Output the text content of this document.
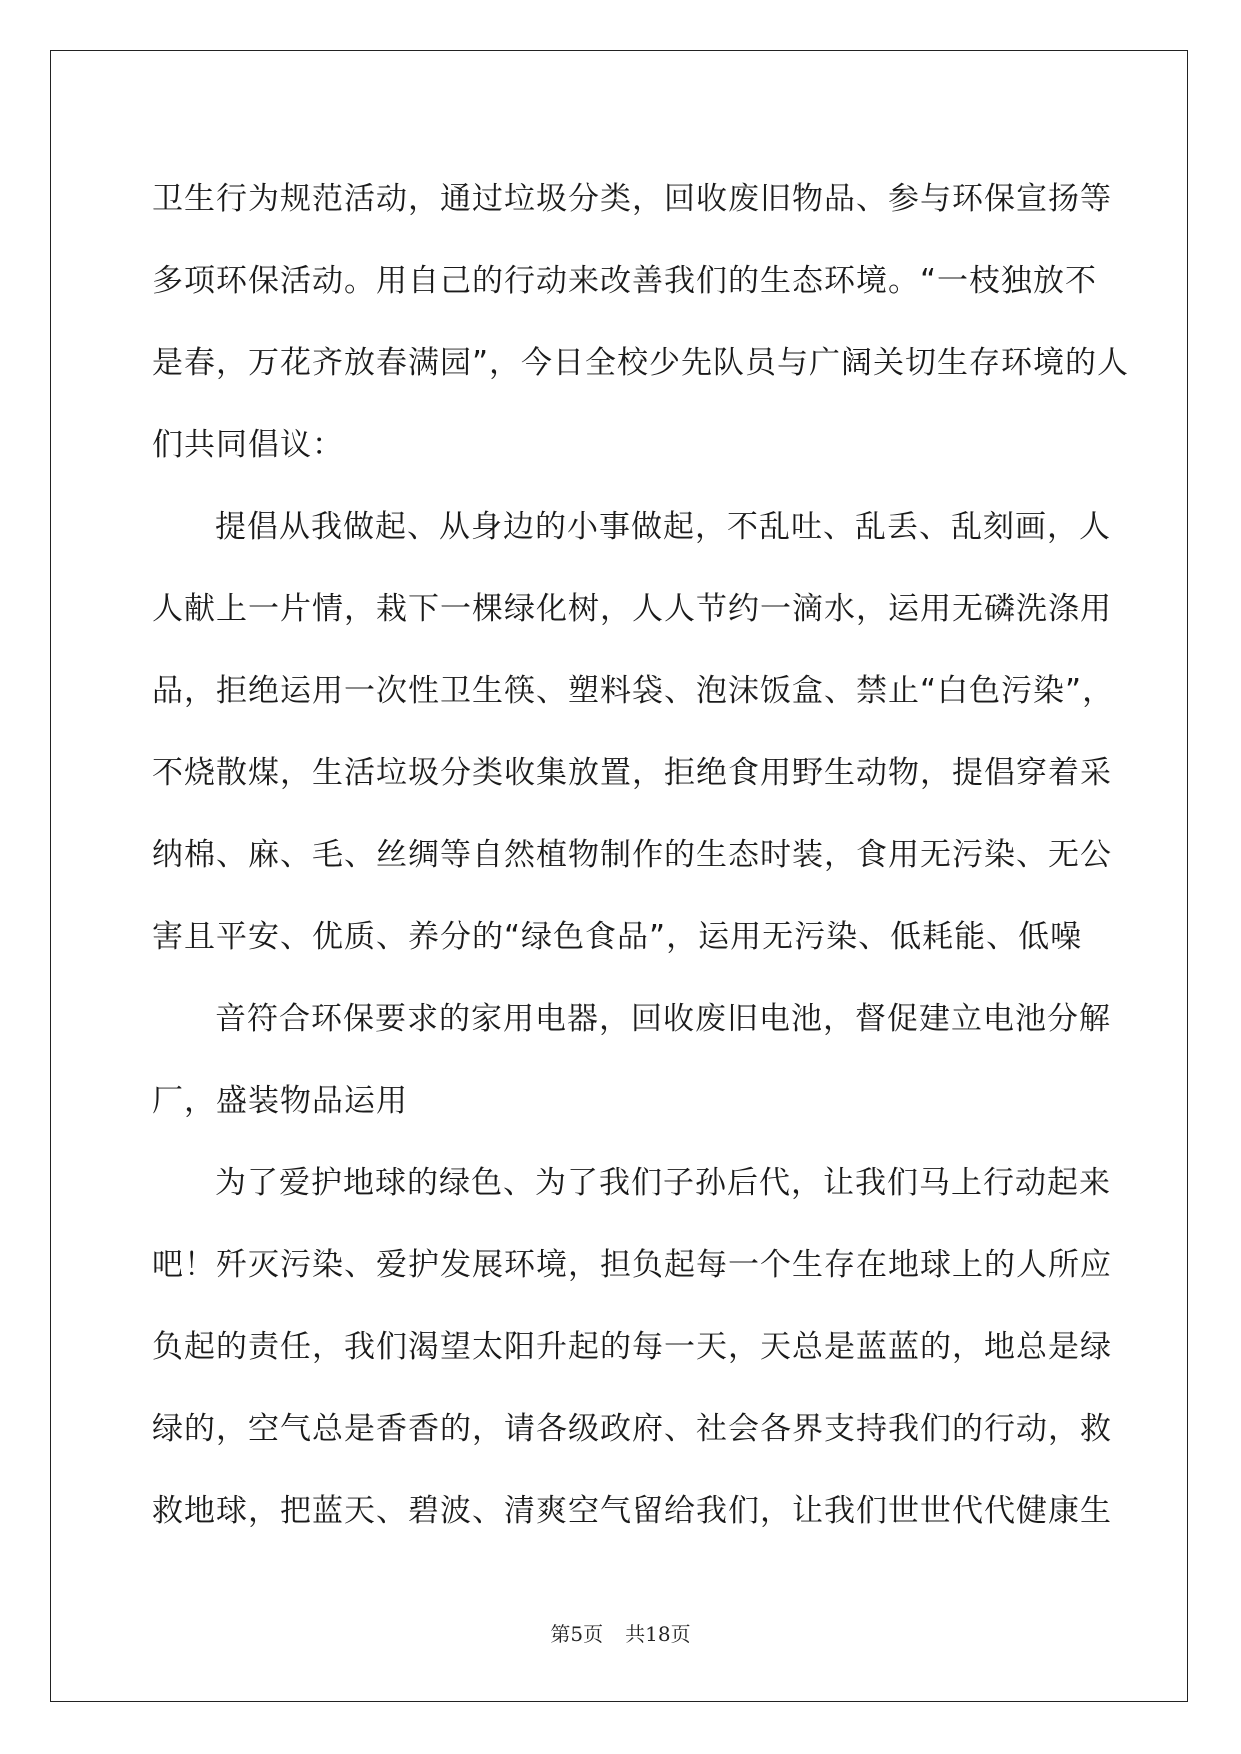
卫生行为规范活动，通过垃圾分类，回收废旧物品、参与环保宣扬等
多项环保活动。用自己的行动来改善我们的生态环境。“一枝独放不
是春，万花齐放春满园”，今日全校少先队员与广阔关切生存环境的人
们共同倡议：
提倡从我做起、从身边的小事做起，不乱吐、乱丢、乱刻画，人
人献上一片情，栽下一棵绿化树，人人节约一滴水，运用无磷洗涤用
品，拒绝运用一次性卫生筷、塑料袋、泡沫饭盒、禁止“白色污染”，
不烧散煤，生活垃圾分类收集放置，拒绝食用野生动物，提倡穿着采
纳棉、麻、毛、丝绸等自然植物制作的生态时装，食用无污染、无公
害且平安、优质、养分的“绿色食品”，运用无污染、低耗能、低噪
音符合环保要求的家用电器，回收废旧电池，督促建立电池分解
厂，盛装物品运用
为了爱护地球的绿色、为了我们子孙后代，让我们马上行动起来
吧！歼灭污染、爱护发展环境，担负起每一个生存在地球上的人所应
负起的责任，我们渴望太阳升起的每一天，天总是蓝蓝的，地总是绿
绿的，空气总是香香的，请各级政府、社会各界支持我们的行动，救
救地球，把蓝天、碧波、清爽空气留给我们，让我们世世代代健康生
第5页 共18页
